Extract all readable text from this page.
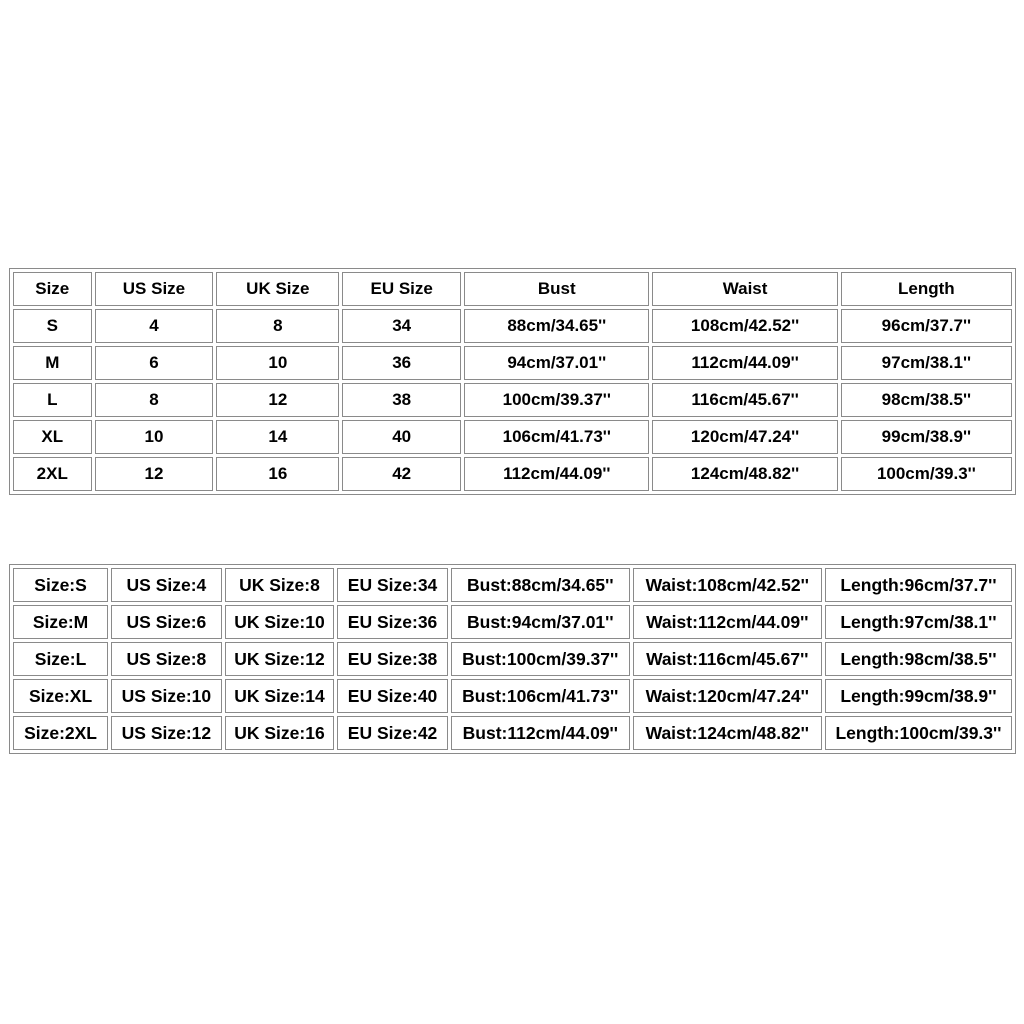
Size	US Size	UK Size	EU Size	Bust	Waist	Length
S	4	8	34	88cm/34.65''	108cm/42.52''	96cm/37.7''
M	6	10	36	94cm/37.01''	112cm/44.09''	97cm/38.1''
L	8	12	38	100cm/39.37''	116cm/45.67''	98cm/38.5''
XL	10	14	40	106cm/41.73''	120cm/47.24''	99cm/38.9''
2XL	12	16	42	112cm/44.09''	124cm/48.82''	100cm/39.3''
Size:S	US Size:4	UK Size:8	EU Size:34	Bust:88cm/34.65''	Waist:108cm/42.52''	Length:96cm/37.7''
Size:M	US Size:6	UK Size:10	EU Size:36	Bust:94cm/37.01''	Waist:112cm/44.09''	Length:97cm/38.1''
Size:L	US Size:8	UK Size:12	EU Size:38	Bust:100cm/39.37''	Waist:116cm/45.67''	Length:98cm/38.5''
Size:XL	US Size:10	UK Size:14	EU Size:40	Bust:106cm/41.73''	Waist:120cm/47.24''	Length:99cm/38.9''
Size:2XL	US Size:12	UK Size:16	EU Size:42	Bust:112cm/44.09''	Waist:124cm/48.82''	Length:100cm/39.3''
